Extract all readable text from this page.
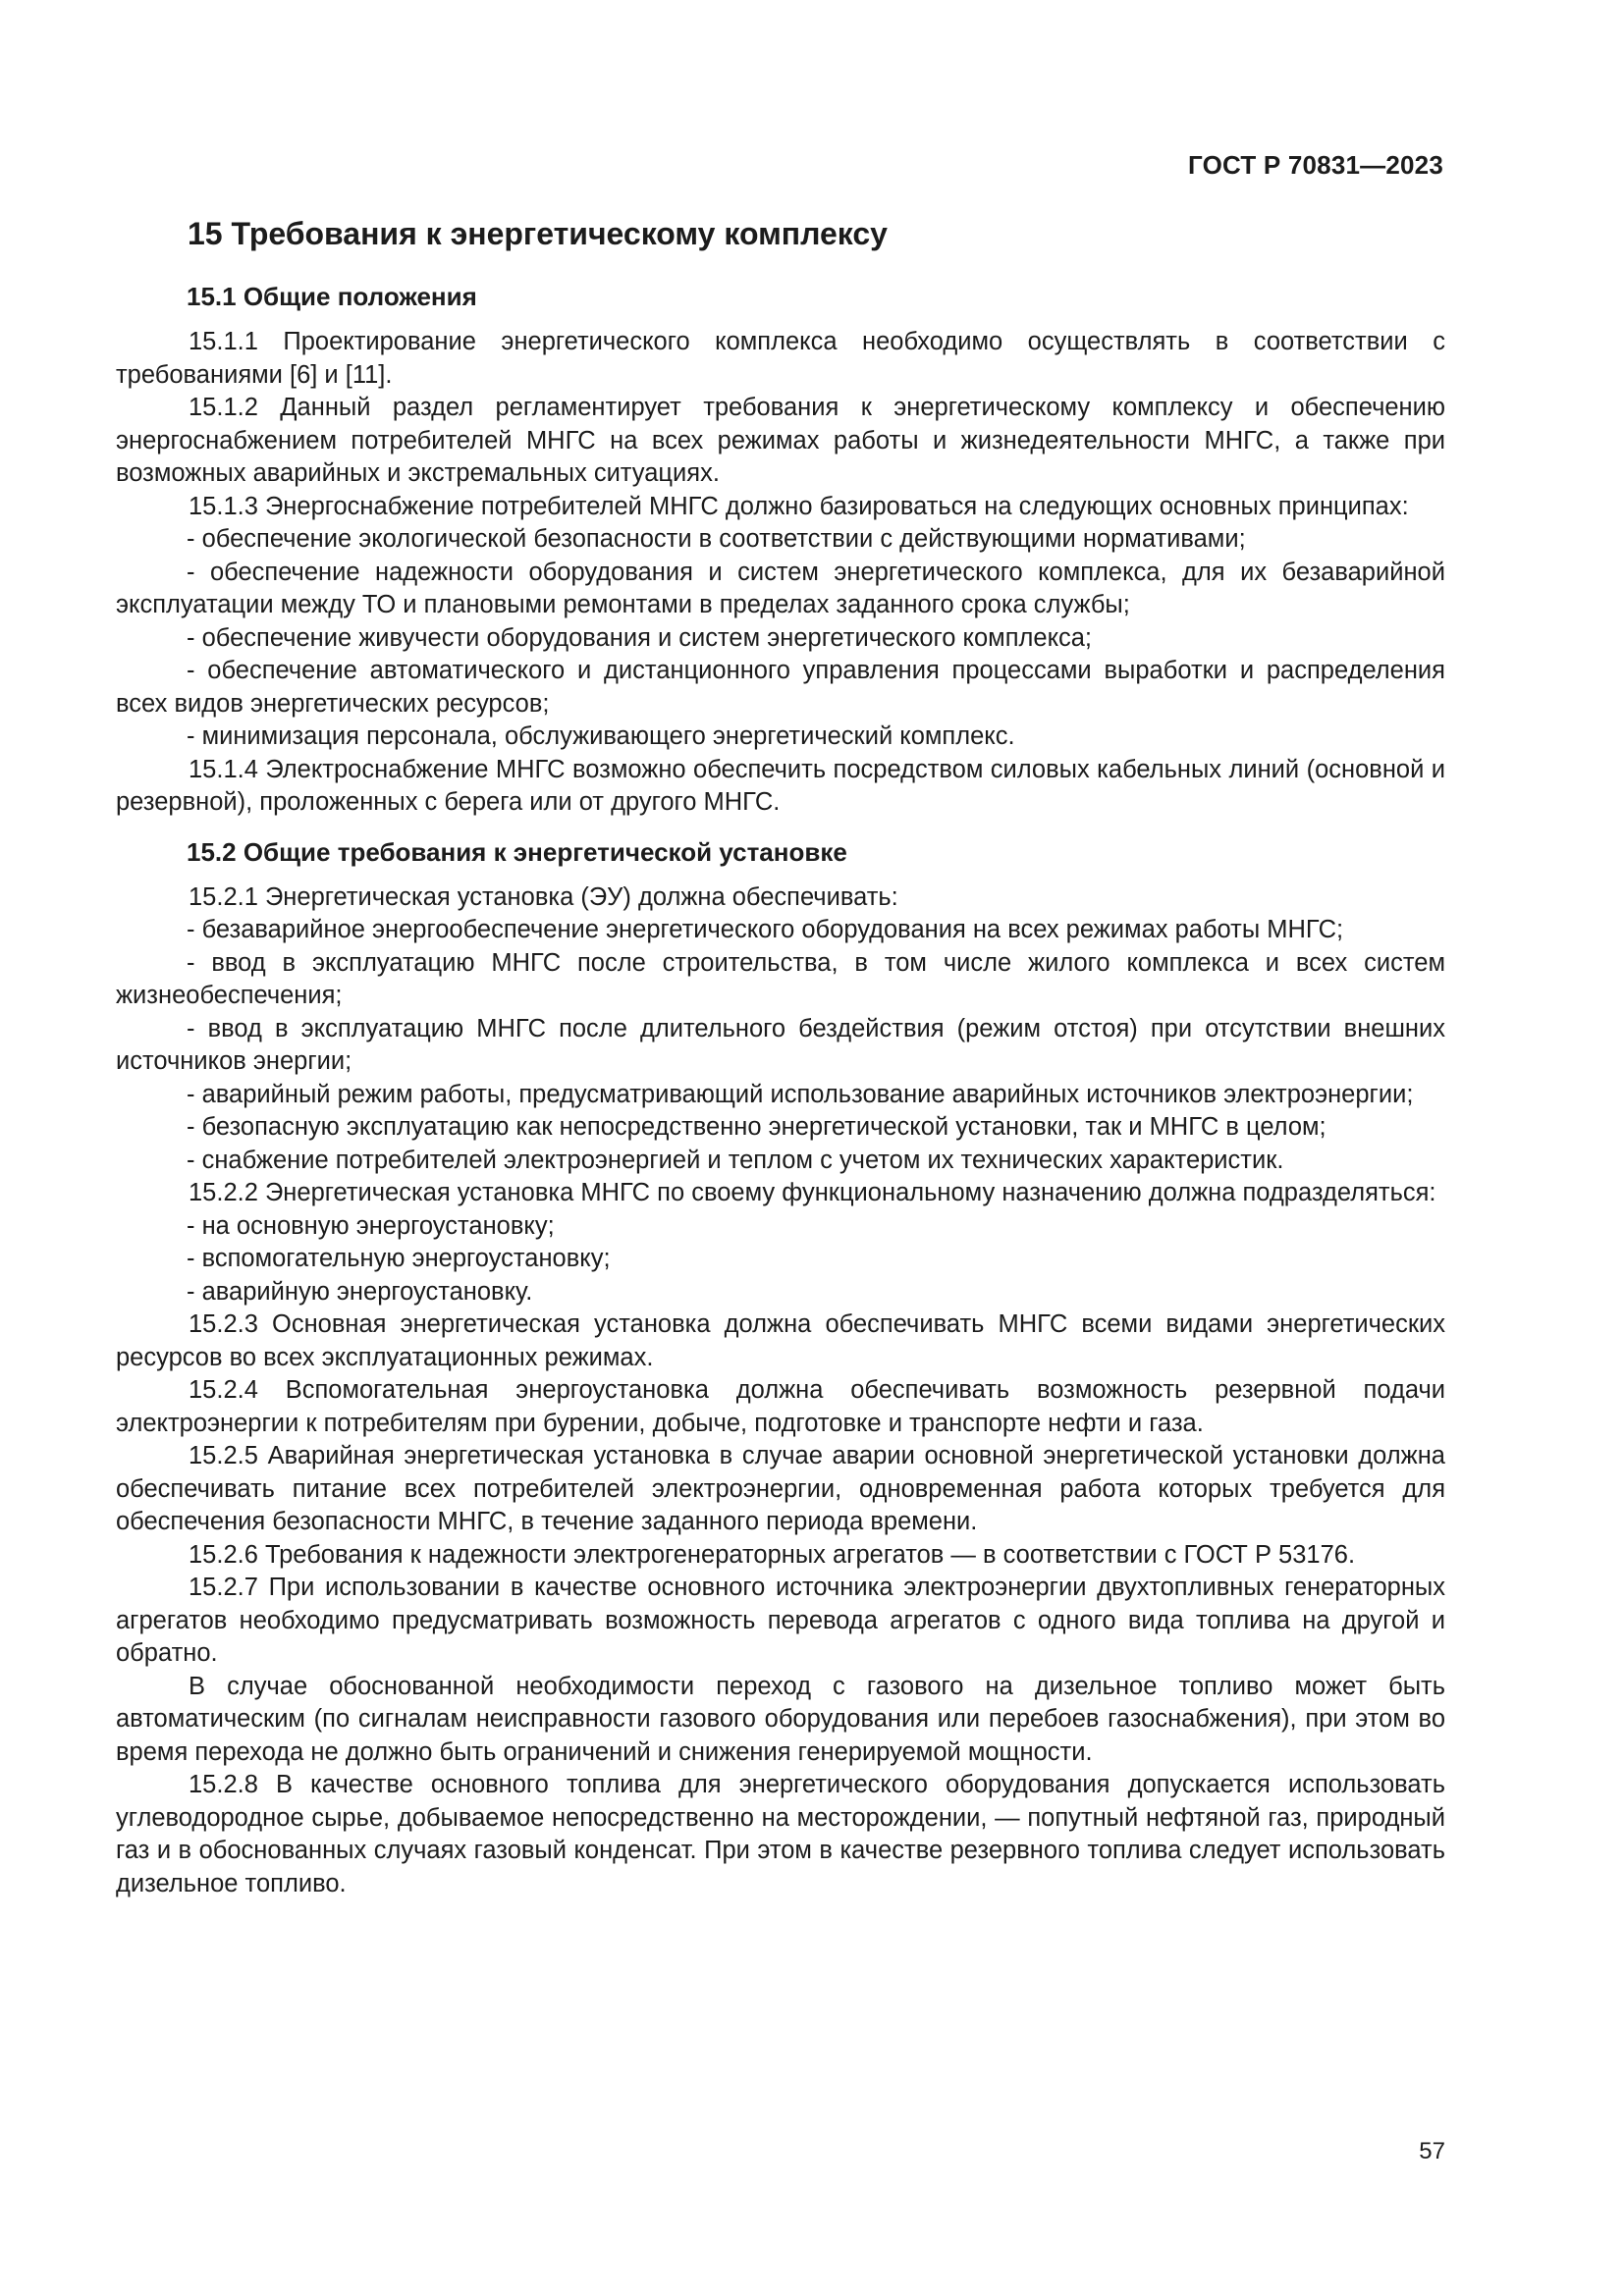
ГОСТ Р 70831—2023
15 Требования к энергетическому комплексу
15.1 Общие положения

15.1.1 Проектирование энергетического комплекса необходимо осуществлять в соответствии с требованиями [6] и [11].

15.1.2 Данный раздел регламентирует требования к энергетическому комплексу и обеспечению энергоснабжением потребителей МНГС на всех режимах работы и жизнедеятельности МНГС, а также при возможных аварийных и экстремальных ситуациях.

15.1.3 Энергоснабжение потребителей МНГС должно базироваться на следующих основных принципах:

- обеспечение экологической безопасности в соответствии с действующими нормативами;

- обеспечение надежности оборудования и систем энергетического комплекса, для их безаварийной эксплуатации между ТО и плановыми ремонтами в пределах заданного срока службы;

- обеспечение живучести оборудования и систем энергетического комплекса;

- обеспечение автоматического и дистанционного управления процессами выработки и распределения всех видов энергетических ресурсов;

- минимизация персонала, обслуживающего энергетический комплекс.

15.1.4 Электроснабжение МНГС возможно обеспечить посредством силовых кабельных линий (основной и резервной), проложенных с берега или от другого МНГС.

15.2 Общие требования к энергетической установке

15.2.1 Энергетическая установка (ЭУ) должна обеспечивать:

- безаварийное энергообеспечение энергетического оборудования на всех режимах работы МНГС;

- ввод в эксплуатацию МНГС после строительства, в том числе жилого комплекса и всех систем жизнеобеспечения;

- ввод в эксплуатацию МНГС после длительного бездействия (режим отстоя) при отсутствии внешних источников энергии;

- аварийный режим работы, предусматривающий использование аварийных источников электроэнергии;

- безопасную эксплуатацию как непосредственно энергетической установки, так и МНГС в целом;

- снабжение потребителей электроэнергией и теплом с учетом их технических характеристик.

15.2.2 Энергетическая установка МНГС по своему функциональному назначению должна подразделяться:

- на основную энергоустановку;

- вспомогательную энергоустановку;

- аварийную энергоустановку.

15.2.3 Основная энергетическая установка должна обеспечивать МНГС всеми видами энергетических ресурсов во всех эксплуатационных режимах.

15.2.4 Вспомогательная энергоустановка должна обеспечивать возможность резервной подачи электроэнергии к потребителям при бурении, добыче, подготовке и транспорте нефти и газа.

15.2.5 Аварийная энергетическая установка в случае аварии основной энергетической установки должна обеспечивать питание всех потребителей электроэнергии, одновременная работа которых требуется для обеспечения безопасности МНГС, в течение заданного периода времени.

15.2.6 Требования к надежности электрогенераторных агрегатов — в соответствии с ГОСТ Р 53176.

15.2.7 При использовании в качестве основного источника электроэнергии двухтопливных генераторных агрегатов необходимо предусматривать возможность перевода агрегатов с одного вида топлива на другой и обратно.

В случае обоснованной необходимости переход с газового на дизельное топливо может быть автоматическим (по сигналам неисправности газового оборудования или перебоев газоснабжения), при этом во время перехода не должно быть ограничений и снижения генерируемой мощности.

15.2.8 В качестве основного топлива для энергетического оборудования допускается использовать углеводородное сырье, добываемое непосредственно на месторождении, — попутный нефтяной газ, природный газ и в обоснованных случаях газовый конденсат. При этом в качестве резервного топлива следует использовать дизельное топливо.

57
